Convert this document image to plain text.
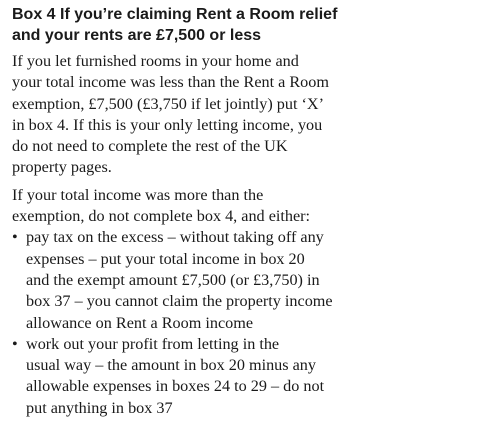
Box 4 If you’re claiming Rent a Room relief
and your rents are £7,500 or less

If you let furnished rooms in your home and
your total income was less than the Rent a Room
exemption, £7,500 (£3,750 if let jointly) put ‘X’
in box 4. If this is your only letting income, you
do not need to complete the rest of the UK
property pages.

If your total income was more than the
exemption, do not complete box 4, and either:
• pay tax on the excess – without taking off any
expenses – put your total income in box 20
and the exempt amount £7,500 (or £3,750) in
box 37 – you cannot claim the property income
allowance on Rent a Room income
• work out your profit from letting in the
usual way – the amount in box 20 minus any
allowable expenses in boxes 24 to 29 – do not
put anything in box 37
